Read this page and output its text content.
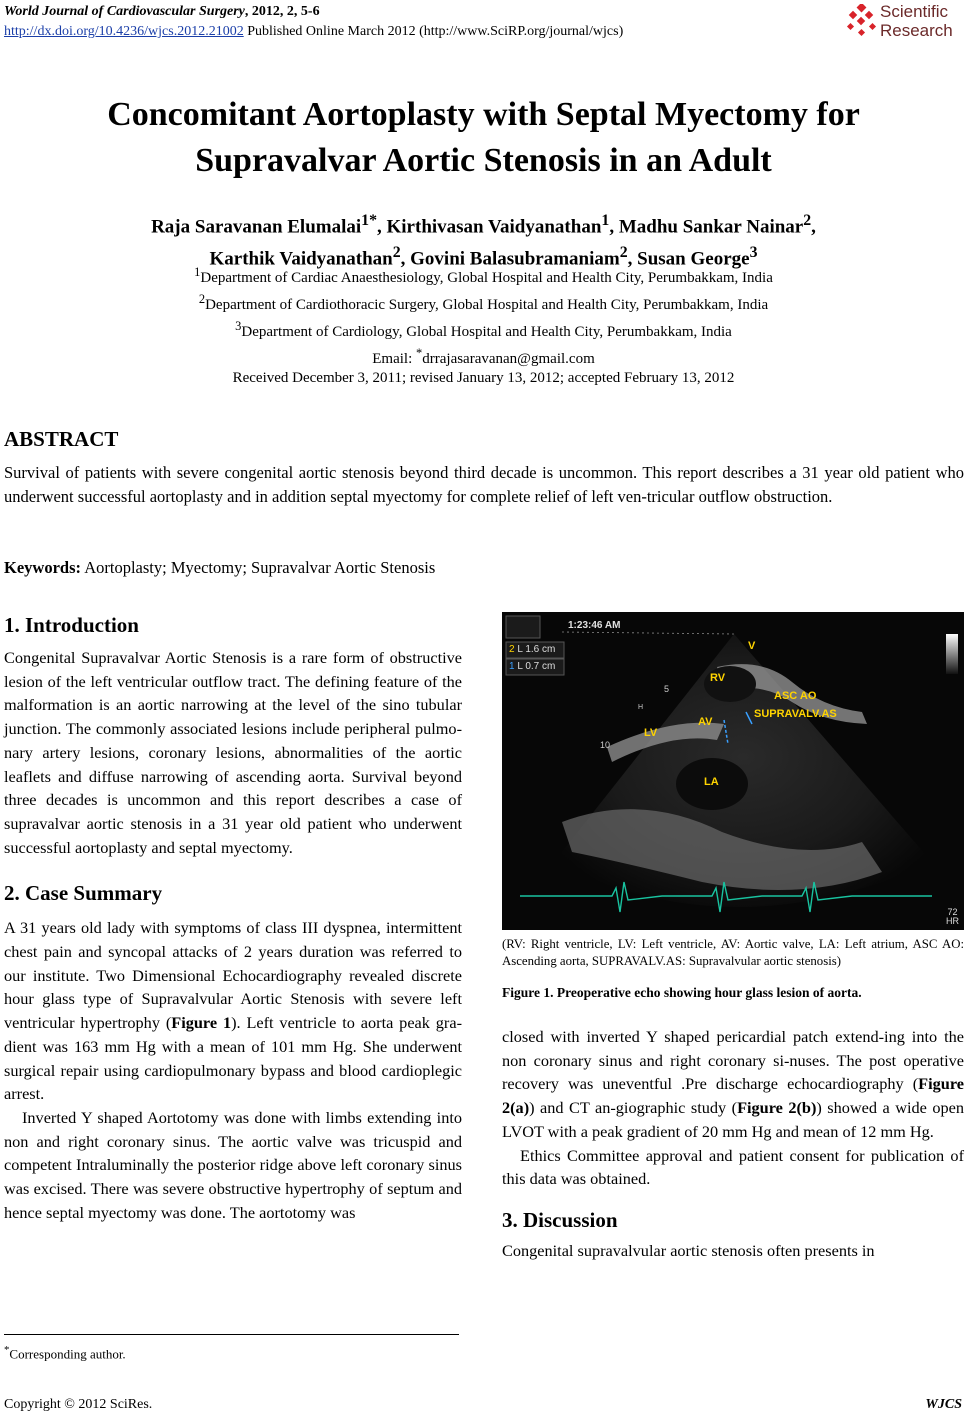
World Journal of Cardiovascular Surgery, 2012, 2, 5-6
http://dx.doi.org/10.4236/wjcs.2012.21002 Published Online March 2012 (http://www.SciRP.org/journal/wjcs)
Scientific
Research
Concomitant Aortoplasty with Septal Myectomy for
Supravalvar Aortic Stenosis in an Adult
Raja Saravanan Elumalai$^{1*}$, Kirthivasan Vaidyanathan$^1$, Madhu Sankar Nainar$^2$,
Karthik Vaidyanathan$^2$, Govini Balasubramaniam$^2$, Susan George$^3$
$^1$Department of Cardiac Anaesthesiology, Global Hospital and Health City, Perumbakkam, India
$^2$Department of Cardiothoracic Surgery, Global Hospital and Health City, Perumbakkam, India
$^3$Department of Cardiology, Global Hospital and Health City, Perumbakkam, India
Email: *drrajasaravanan@gmail.com
Received December 3, 2011; revised January 13, 2012; accepted February 13, 2012
ABSTRACT
Survival of patients with severe congenital aortic stenosis beyond third decade is uncommon. This report describes a 31 year old patient who underwent successful aortoplasty and in addition septal myectomy for complete relief of left ven-tricular outflow obstruction.
Keywords: Aortoplasty; Myectomy; Supravalvar Aortic Stenosis
1. Introduction
Congenital Supravalvar Aortic Stenosis is a rare form of obstructive lesion of the left ventricular outflow tract. The defining feature of the malformation is an aortic narrowing at the level of the sino tubular junction. The commonly associated lesions include peripheral pulmo-nary artery lesions, coronary lesions, abnormalities of the aortic leaflets and diffuse narrowing of ascending aorta. Survival beyond three decades is uncommon and this report describes a case of supravalvar aortic stenosis in a 31 year old patient who underwent successful aortoplasty and septal myectomy.
2. Case Summary
A 31 years old lady with symptoms of class III dyspnea, intermittent chest pain and syncopal attacks of 2 years duration was referred to our institute. Two Dimensional Echocardiography revealed discrete hour glass type of Supravalvular Aortic Stenosis with severe left ventricular hypertrophy (Figure 1). Left ventricle to aorta peak gra-dient was 163 mm Hg with a mean of 101 mm Hg. She underwent surgical repair using cardiopulmonary bypass and blood cardioplegic arrest.
Inverted Y shaped Aortotomy was done with limbs extending into non and right coronary sinus. The aortic valve was tricuspid and competent Intraluminally the posterior ridge above left coronary sinus was excised. There was severe obstructive hypertrophy of septum and hence septal myectomy was done. The aortotomy was
1:23:46 AM
2 L 1.6 cm
1 L 0.7 cm
V
RV
ASC AO
SUPRAVALV.AS
AV
LV
LA
5
10
H
72
HR
(RV: Right ventricle, LV: Left ventricle, AV: Aortic valve, LA: Left atrium, ASC AO: Ascending aorta, SUPRAVALV.AS: Supravalvular aortic stenosis)
Figure 1. Preoperative echo showing hour glass lesion of aorta.
closed with inverted Y shaped pericardial patch extend-ing into the non coronary sinus and right coronary si-nuses. The post operative recovery was uneventful .Pre discharge echocardiography (Figure 2(a)) and CT an-giographic study (Figure 2(b)) showed a wide open LVOT with a peak gradient of 20 mm Hg and mean of 12 mm Hg.
Ethics Committee approval and patient consent for publication of this data was obtained.
3. Discussion
Congenital supravalvular aortic stenosis often presents in
*Corresponding author.
Copyright © 2012 SciRes.	WJCS
